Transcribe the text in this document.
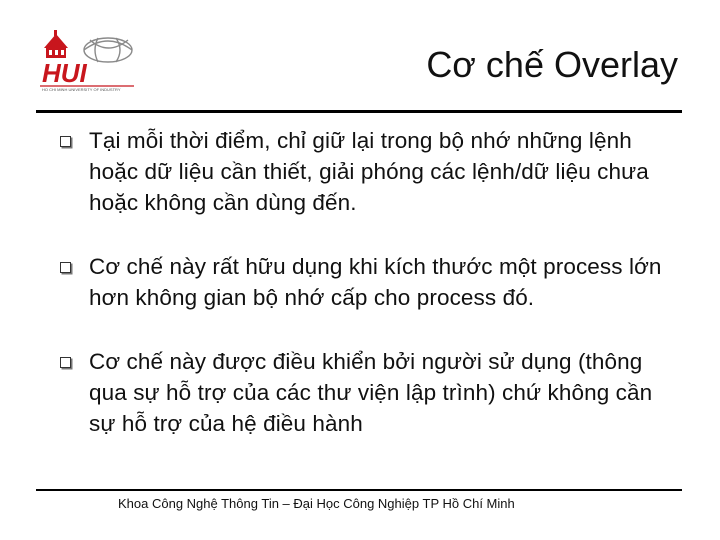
HUI
HO CHI MINH UNIVERSITY OF INDUSTRY
Cơ chế Overlay
Tại mỗi thời điểm, chỉ giữ lại trong bộ nhớ những lệnh hoặc dữ liệu cần thiết, giải phóng các lệnh/dữ liệu chưa hoặc không cần dùng đến.
Cơ chế này rất hữu dụng khi kích thước một process lớn hơn không gian bộ nhớ cấp cho process đó.
Cơ chế này được điều khiển bởi người sử dụng (thông qua sự hỗ trợ của các thư viện lập trình) chứ không cần sự hỗ trợ của hệ điều hành
Khoa Công Nghệ Thông Tin – Đại Học Công Nghiệp TP Hồ Chí Minh
